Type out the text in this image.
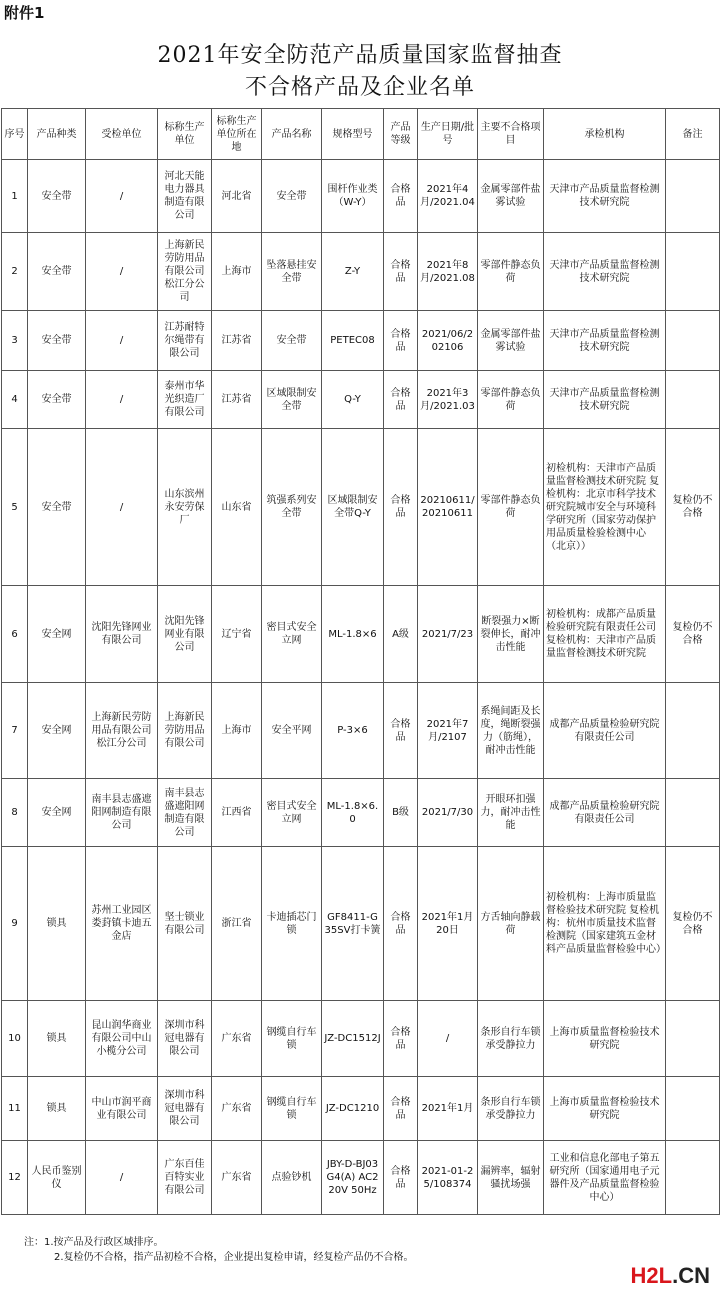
附件1
2021年安全防范产品质量国家监督抽查
不合格产品及企业名单
序号	产品种类	受检单位	标称生产单位	标称生产单位所在地	产品名称	规格型号	产品等级	生产日期/批号	主要不合格项目	承检机构	备注
1	安全带	/	河北天能电力器具制造有限公司	河北省	安全带	围杆作业类（W-Y）	合格品	2021年4月/2021.04	金属零部件盐雾试验	天津市产品质量监督检测技术研究院	
2	安全带	/	上海新民劳防用品有限公司松江分公司	上海市	坠落悬挂安全带	Z-Y	合格品	2021年8月/2021.08	零部件静态负荷	天津市产品质量监督检测技术研究院	
3	安全带	/	江苏耐特尔绳带有限公司	江苏省	安全带	PETEC08	合格品	2021/06/202106	金属零部件盐雾试验	天津市产品质量监督检测技术研究院	
4	安全带	/	泰州市华光织造厂有限公司	江苏省	区域限制安全带	Q-Y	合格品	2021年3月/2021.03	零部件静态负荷	天津市产品质量监督检测技术研究院	
5	安全带	/	山东滨州永安劳保厂	山东省	筑强系列安全带	区域限制安全带Q-Y	合格品	20210611/20210611	零部件静态负荷	初检机构：天津市产品质量监督检测技术研究院 复检机构：北京市科学技术研究院城市安全与环境科学研究所（国家劳动保护用品质量检验检测中心（北京））	复检仍不合格
6	安全网	沈阳先锋网业有限公司	沈阳先锋网业有限公司	辽宁省	密目式安全立网	ML-1.8×6	A级	2021/7/23	断裂强力×断裂伸长，耐冲击性能	初检机构：成都产品质量检验研究院有限责任公司 复检机构：天津市产品质量监督检测技术研究院	复检仍不合格
7	安全网	上海新民劳防用品有限公司松江分公司	上海新民劳防用品有限公司	上海市	安全平网	P-3×6	合格品	2021年7月/2107	系绳间距及长度，绳断裂强力（筋绳），耐冲击性能	成都产品质量检验研究院有限责任公司	
8	安全网	南丰县志盛遮阳网制造有限公司	南丰县志盛遮阳网制造有限公司	江西省	密目式安全立网	ML-1.8×6.0	B级	2021/7/30	开眼环扣强力，耐冲击性能	成都产品质量检验研究院有限责任公司	
9	锁具	苏州工业园区娄葑镇卡迪五金店	坚士锁业有限公司	浙江省	卡迪插芯门锁	GF8411-G35SV打卡簧	合格品	2021年1月20日	方舌轴向静载荷	初检机构：上海市质量监督检验技术研究院 复检机构：杭州市质量技术监督检测院（国家建筑五金材料产品质量监督检验中心）	复检仍不合格
10	锁具	昆山润华商业有限公司中山小榄分公司	深圳市科冠电器有限公司	广东省	钢缆自行车锁	JZ-DC1512J	合格品	/	条形自行车锁承受静拉力	上海市质量监督检验技术研究院	
11	锁具	中山市润平商业有限公司	深圳市科冠电器有限公司	广东省	钢缆自行车锁	JZ-DC1210	合格品	2021年1月	条形自行车锁承受静拉力	上海市质量监督检验技术研究院	
12	人民币鉴别仪	/	广东百佳百特实业有限公司	广东省	点验钞机	JBY-D-BJ03G4(A) AC220V 50Hz	合格品	2021-01-25/108374	漏辨率，辐射骚扰场强	工业和信息化部电子第五研究所（国家通用电子元器件及产品质量监督检验中心）	
注：1.按产品及行政区域排序。
2.复检仍不合格，指产品初检不合格，企业提出复检申请，经复检产品仍不合格。
H2L.CN
